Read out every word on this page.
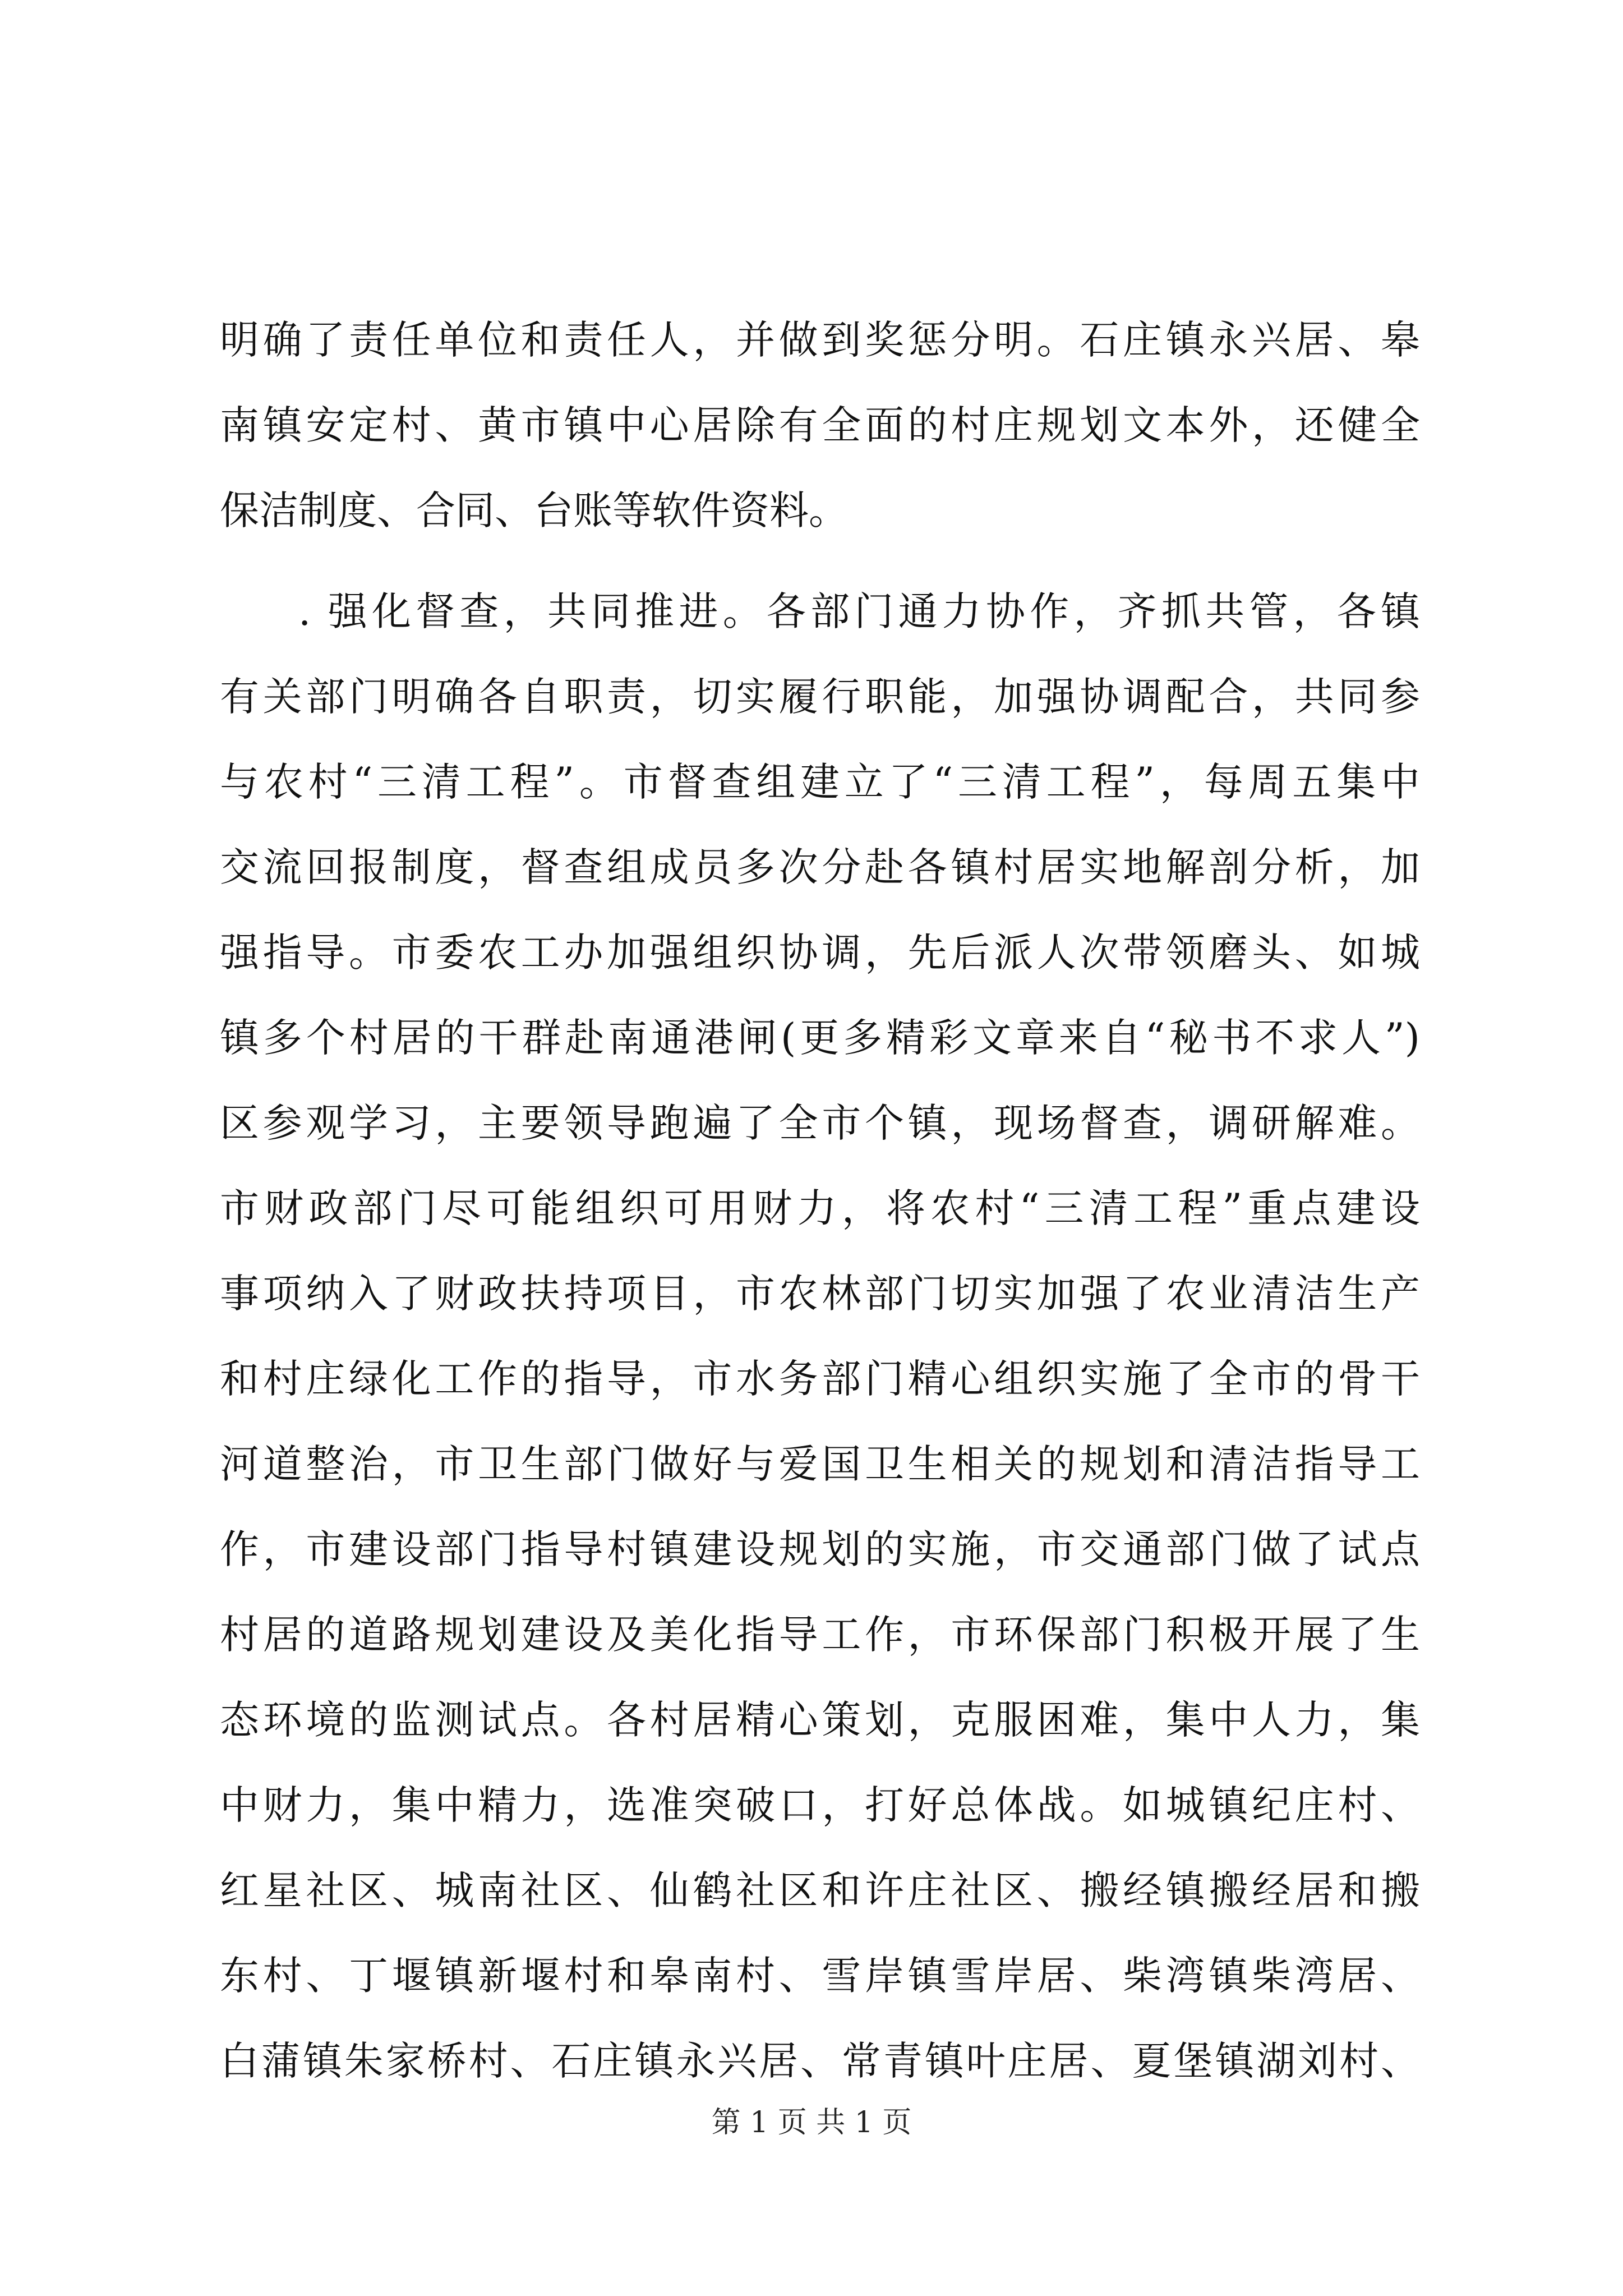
明确了责任单位和责任人，并做到奖惩分明。石庄镇永兴居、皋
南镇安定村、黄市镇中心居除有全面的村庄规划文本外，还健全
保洁制度、合同、台账等软件资料。
. 强化督查，共同推进。各部门通力协作，齐抓共管，各镇
有关部门明确各自职责，切实履行职能，加强协调配合，共同参
与农村“三清工程”。市督查组建立了“三清工程”，每周五集中
交流回报制度，督查组成员多次分赴各镇村居实地解剖分析，加
强指导。市委农工办加强组织协调，先后派人次带领磨头、如城
镇多个村居的干群赴南通港闸(更多精彩文章来自“秘书不求人”)
区参观学习，主要领导跑遍了全市个镇，现场督查，调研解难。
市财政部门尽可能组织可用财力，将农村“三清工程”重点建设
事项纳入了财政扶持项目，市农林部门切实加强了农业清洁生产
和村庄绿化工作的指导，市水务部门精心组织实施了全市的骨干
河道整治，市卫生部门做好与爱国卫生相关的规划和清洁指导工
作，市建设部门指导村镇建设规划的实施，市交通部门做了试点
村居的道路规划建设及美化指导工作，市环保部门积极开展了生
态环境的监测试点。各村居精心策划，克服困难，集中人力，集
中财力，集中精力，选准突破口，打好总体战。如城镇纪庄村、
红星社区、城南社区、仙鹤社区和许庄社区、搬经镇搬经居和搬
东村、丁堰镇新堰村和皋南村、雪岸镇雪岸居、柴湾镇柴湾居、
白蒲镇朱家桥村、石庄镇永兴居、常青镇叶庄居、夏堡镇湖刘村、
第 1 页 共 1 页
